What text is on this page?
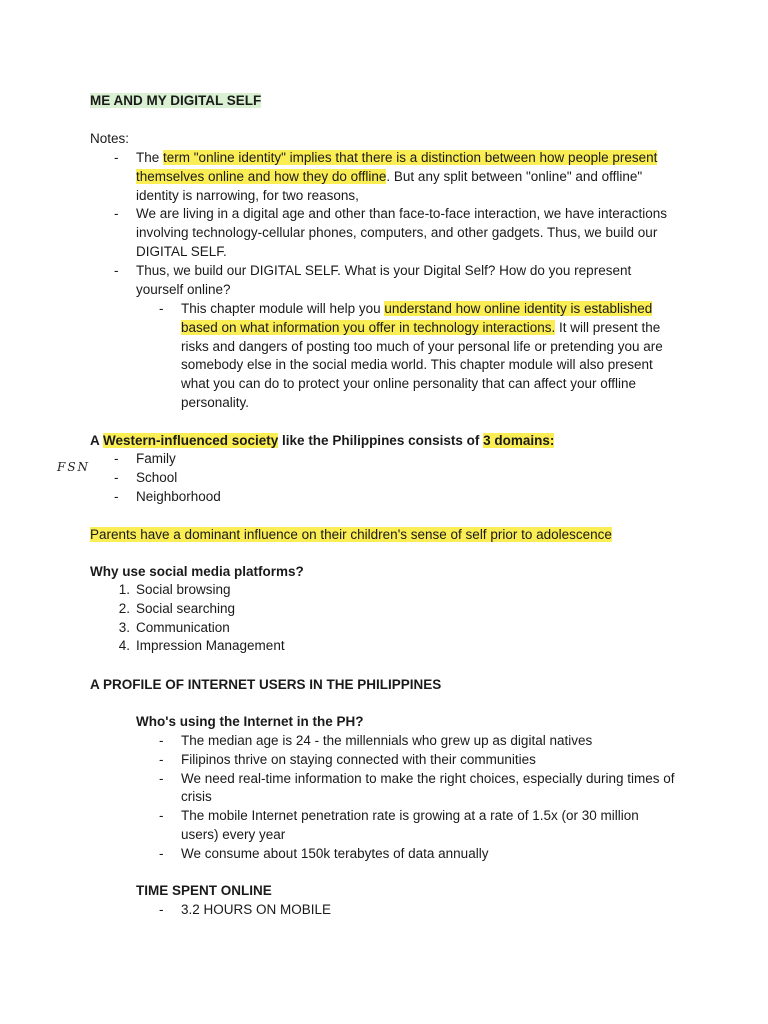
ME AND MY DIGITAL SELF
Notes:
- The term "online identity" implies that there is a distinction between how people present themselves online and how they do offline. But any split between "online" and offline" identity is narrowing, for two reasons,
- We are living in a digital age and other than face-to-face interaction, we have interactions involving technology-cellular phones, computers, and other gadgets. Thus, we build our DIGITAL SELF.
- Thus, we build our DIGITAL SELF. What is your Digital Self? How do you represent yourself online?
- This chapter module will help you understand how online identity is established based on what information you offer in technology interactions. It will present the risks and dangers of posting too much of your personal life or pretending you are somebody else in the social media world. This chapter module will also present what you can do to protect your online personality that can affect your offline personality.
A Western-influenced society like the Philippines consists of 3 domains:
FSN
- Family
- School
- Neighborhood
Parents have a dominant influence on their children's sense of self prior to adolescence
Why use social media platforms?
1. Social browsing
2. Social searching
3. Communication
4. Impression Management
A PROFILE OF INTERNET USERS IN THE PHILIPPINES
Who's using the Internet in the PH?
- The median age is 24 - the millennials who grew up as digital natives
- Filipinos thrive on staying connected with their communities
- We need real-time information to make the right choices, especially during times of crisis
- The mobile Internet penetration rate is growing at a rate of 1.5x (or 30 million users) every year
- We consume about 150k terabytes of data annually
TIME SPENT ONLINE
- 3.2 HOURS ON MOBILE
